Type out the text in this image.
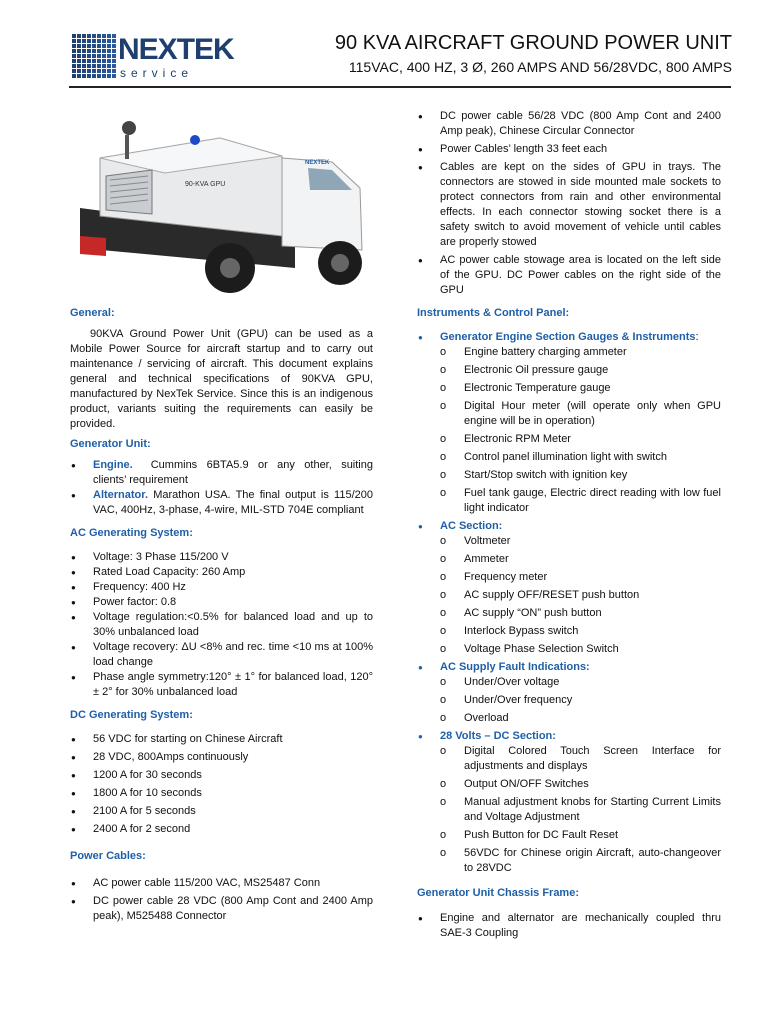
NEXTEK
service
90 KVA AIRCRAFT GROUND POWER UNIT
115VAC, 400 HZ, 3 Ø, 260 AMPS AND 56/28VDC, 800 AMPS
90-KVA GPU
NEXTEK
General:

90KVA Ground Power Unit (GPU) can be used as a Mobile Power Source for aircraft startup and to carry out maintenance / servicing of aircraft. This document explains general and technical specifications of 90KVA GPU, manufactured by NexTek Service. Since this is an indigenous product, variants suiting the requirements can easily be provided.

Generator Unit:
● Engine. Cummins 6BTA5.9 or any other, suiting clients’ requirement
● Alternator. Marathon USA. The final output is 115/200 VAC, 400Hz, 3-phase, 4-wire, MIL-STD 704E compliant
AC Generating System:
● Voltage: 3 Phase 115/200 V
● Rated Load Capacity: 260 Amp
● Frequency: 400 Hz
● Power factor: 0.8
● Voltage regulation:<0.5% for balanced load and up to 30% unbalanced load
● Voltage recovery: ΔU <8% and rec. time <10 ms at 100% load change
● Phase angle symmetry:120° ± 1° for balanced load, 120° ± 2° for 30% unbalanced load
DC Generating System:
● 56 VDC for starting on Chinese Aircraft
● 28 VDC, 800Amps continuously
● 1200 A for 30 seconds
● 1800 A for 10 seconds
● 2100 A for 5 seconds
● 2400 A for 2 second
Power Cables:
● AC power cable 115/200 VAC, MS25487 Conn
● DC power cable 28 VDC (800 Amp Cont and 2400 Amp peak), M525488 Connector
● DC power cable 56/28 VDC (800 Amp Cont and 2400 Amp peak), Chinese Circular Connector
● Power Cables’ length 33 feet each
● Cables are kept on the sides of GPU in trays. The connectors are stowed in side mounted male sockets to protect connectors from rain and other environmental effects. In each connector stowing socket there is a safety switch to avoid movement of vehicle until cables are properly stowed
● AC power cable stowage area is located on the left side of the GPU. DC Power cables on the right side of the GPU
Instruments & Control Panel:
● Generator Engine Section Gauges & Instruments:
o Engine battery charging ammeter
o Electronic Oil pressure gauge
o Electronic Temperature gauge
o Digital Hour meter (will operate only when GPU engine will be in operation)
o Electronic RPM Meter
o Control panel illumination light with switch
o Start/Stop switch with ignition key
o Fuel tank gauge, Electric direct reading with low fuel light indicator
● AC Section:
o Voltmeter
o Ammeter
o Frequency meter
o AC supply OFF/RESET push button
o AC supply “ON” push button
o Interlock Bypass switch
o Voltage Phase Selection Switch
● AC Supply Fault Indications:
o Under/Over voltage
o Under/Over frequency
o Overload
● 28 Volts – DC Section:
o Digital Colored Touch Screen Interface for adjustments and displays
o Output ON/OFF Switches
o Manual adjustment knobs for Starting Current Limits and Voltage Adjustment
o Push Button for DC Fault Reset
o 56VDC for Chinese origin Aircraft, auto-changeover to 28VDC
Generator Unit Chassis Frame:
● Engine and alternator are mechanically coupled thru SAE-3 Coupling
